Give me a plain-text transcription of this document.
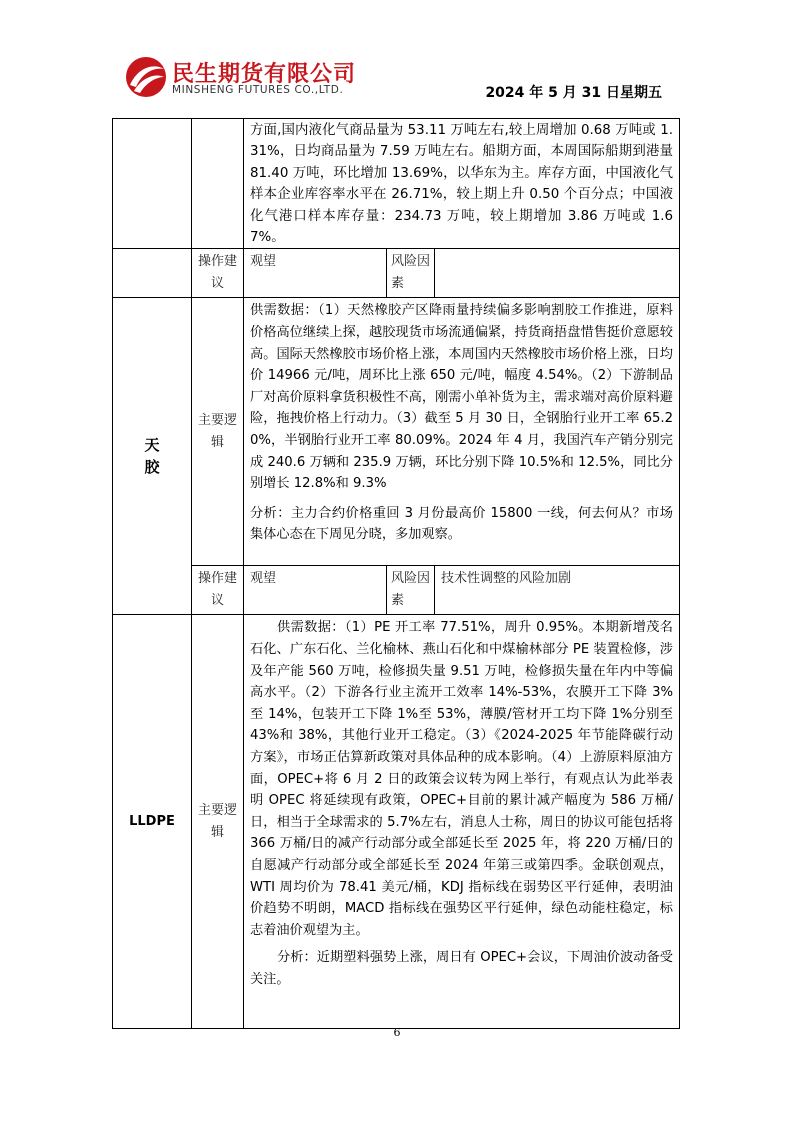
民生期货有限公司
MINSHENG FUTURES CO.,LTD.	2024 年 5 月 31 日星期五

		方面,国内液化气商品量为 53.11 万吨左右,较上周增加 0.68 万吨或 1.31%，日均商品量为 7.59 万吨左右。船期方面，本周国际船期到港量 81.40 万吨，环比增加 13.69%，以华东为主。库存方面，中国液化气样本企业库容率水平在 26.71%，较上期上升 0.50 个百分点；中国液化气港口样本库存量：234.73 万吨，较上期增加 3.86 万吨或 1.67%。		

	操作建议	观望	风险因素	
天胶	主要逻辑	供需数据：（1）天然橡胶产区降雨量持续偏多影响割胶工作推进，原料价格高位继续上探，越胶现货市场流通偏紧，持货商捂盘惜售挺价意愿较高。国际天然橡胶市场价格上涨，本周国内天然橡胶市场价格上涨，日均价 14966 元/吨，周环比上涨 650 元/吨，幅度 4.54%。（2）下游制品厂对高价原料拿货积极性不高，刚需小单补货为主，需求端对高价原料避险，拖拽价格上行动力。（3）截至 5 月 30 日，全钢胎行业开工率 65.20%，半钢胎行业开工率 80.09%。2024 年 4 月，我国汽车产销分别完成 240.6 万辆和 235.9 万辆，环比分别下降 10.5%和 12.5%，同比分别增长 12.8%和 9.3%
分析：主力合约价格重回 3 月份最高价 15800 一线，何去何从？市场集体心态在下周见分晓，多加观察。		

	操作建议	观望	风险因素	技术性调整的风险加剧
LLDPE	主要逻辑	供需数据：（1）PE 开工率 77.51%，周升 0.95%。本期新增茂名石化、广东石化、兰化榆林、燕山石化和中煤榆林部分 PE 装置检修，涉及年产能 560 万吨，检修损失量 9.51 万吨，检修损失量在年内中等偏高水平。（2）下游各行业主流开工效率 14%-53%，农膜开工下降 3%至 14%，包装开工下降 1%至 53%，薄膜/管材开工均下降 1%分别至 43%和 38%，其他行业开工稳定。（3）《2024-2025 年节能降碳行动方案》，市场正估算新政策对具体品种的成本影响。（4）上游原料原油方面，OPEC+将 6 月 2 日的政策会议转为网上举行，有观点认为此举表明 OPEC 将延续现有政策，OPEC+目前的累计减产幅度为 586 万桶/日，相当于全球需求的 5.7%左右，消息人士称，周日的协议可能包括将 366 万桶/日的减产行动部分或全部延长至 2025 年，将 220 万桶/日的自愿减产行动部分或全部延长至 2024 年第三或第四季。金联创观点，WTI 周均价为 78.41 美元/桶，KDJ 指标线在弱势区平行延伸，表明油价趋势不明朗，MACD 指标线在强势区平行延伸，绿色动能柱稳定，标志着油价观望为主。
分析：近期塑料强势上涨，周日有 OPEC+会议，下周油价波动备受关注。		
6
